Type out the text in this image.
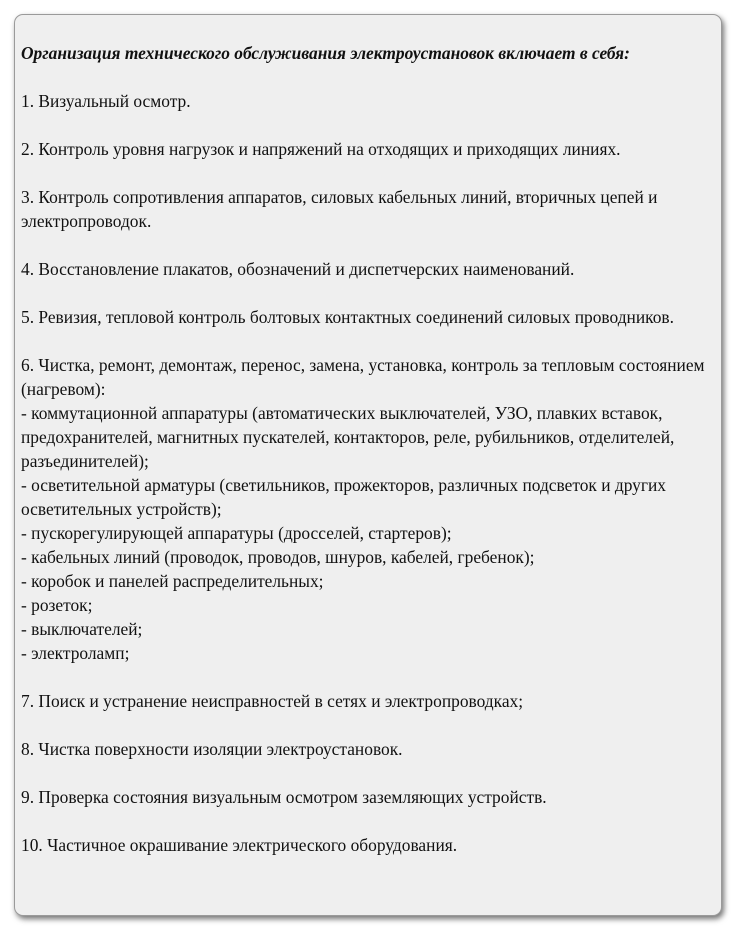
Организация технического обслуживания электроустановок включает в себя:
1. Визуальный осмотр.
2. Контроль уровня нагрузок и напряжений на отходящих и приходящих линиях.
3. Контроль сопротивления аппаратов, силовых кабельных линий, вторичных цепей и электропроводок.
4. Восстановление плакатов, обозначений и диспетчерских наименований.
5. Ревизия, тепловой контроль болтовых контактных соединений силовых проводников.
6. Чистка, ремонт, демонтаж, перенос, замена, установка, контроль за тепловым состоянием (нагревом):
- коммутационной аппаратуры (автоматических выключателей, УЗО, плавких вставок, предохранителей, магнитных пускателей, контакторов, реле, рубильников, отделителей, разъединителей);
- осветительной арматуры (светильников, прожекторов, различных подсветок и других осветительных устройств);
- пускорегулирующей аппаратуры (дросселей, стартеров);
- кабельных линий (проводок, проводов, шнуров, кабелей, гребенок);
- коробок и панелей распределительных;
- розеток;
- выключателей;
- электроламп;
7. Поиск и устранение неисправностей в сетях и электропроводках;
8. Чистка поверхности изоляции электроустановок.
9. Проверка состояния визуальным осмотром заземляющих устройств.
10. Частичное окрашивание электрического оборудования.
